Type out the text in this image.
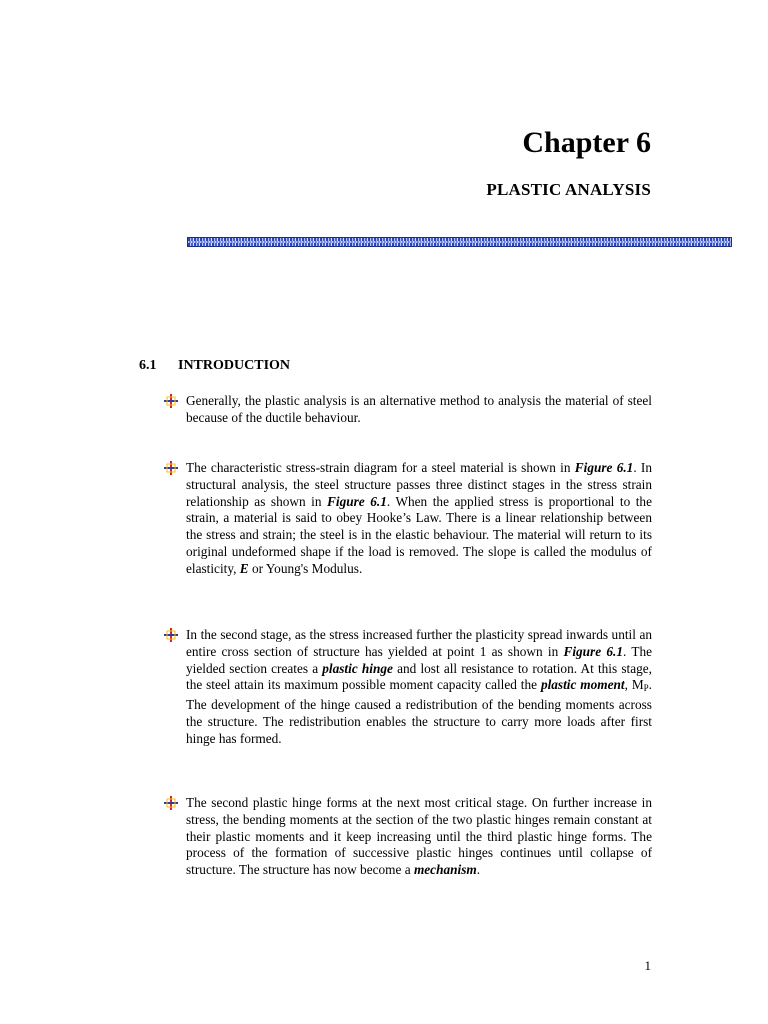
Chapter 6
PLASTIC ANALYSIS
6.1 INTRODUCTION

Generally, the plastic analysis is an alternative method to analysis the material of steel because of the ductile behaviour.

The characteristic stress-strain diagram for a steel material is shown in Figure 6.1. In structural analysis, the steel structure passes three distinct stages in the stress strain relationship as shown in Figure 6.1. When the applied stress is proportional to the strain, a material is said to obey Hooke’s Law. There is a linear relationship between the stress and strain; the steel is in the elastic behaviour. The material will return to its original undeformed shape if the load is removed. The slope is called the modulus of elasticity, E or Young's Modulus.

In the second stage, as the stress increased further the plasticity spread inwards until an entire cross section of structure has yielded at point 1 as shown in Figure 6.1. The yielded section creates a plastic hinge and lost all resistance to rotation. At this stage, the steel attain its maximum possible moment capacity called the plastic moment, $M_P$. The development of the hinge caused a redistribution of the bending moments across the structure. The redistribution enables the structure to carry more loads after first hinge has formed.

The second plastic hinge forms at the next most critical stage. On further increase in stress, the bending moments at the section of the two plastic hinges remain constant at their plastic moments and it keep increasing until the third plastic hinge forms. The process of the formation of successive plastic hinges continues until collapse of structure. The structure has now become a mechanism.

1
